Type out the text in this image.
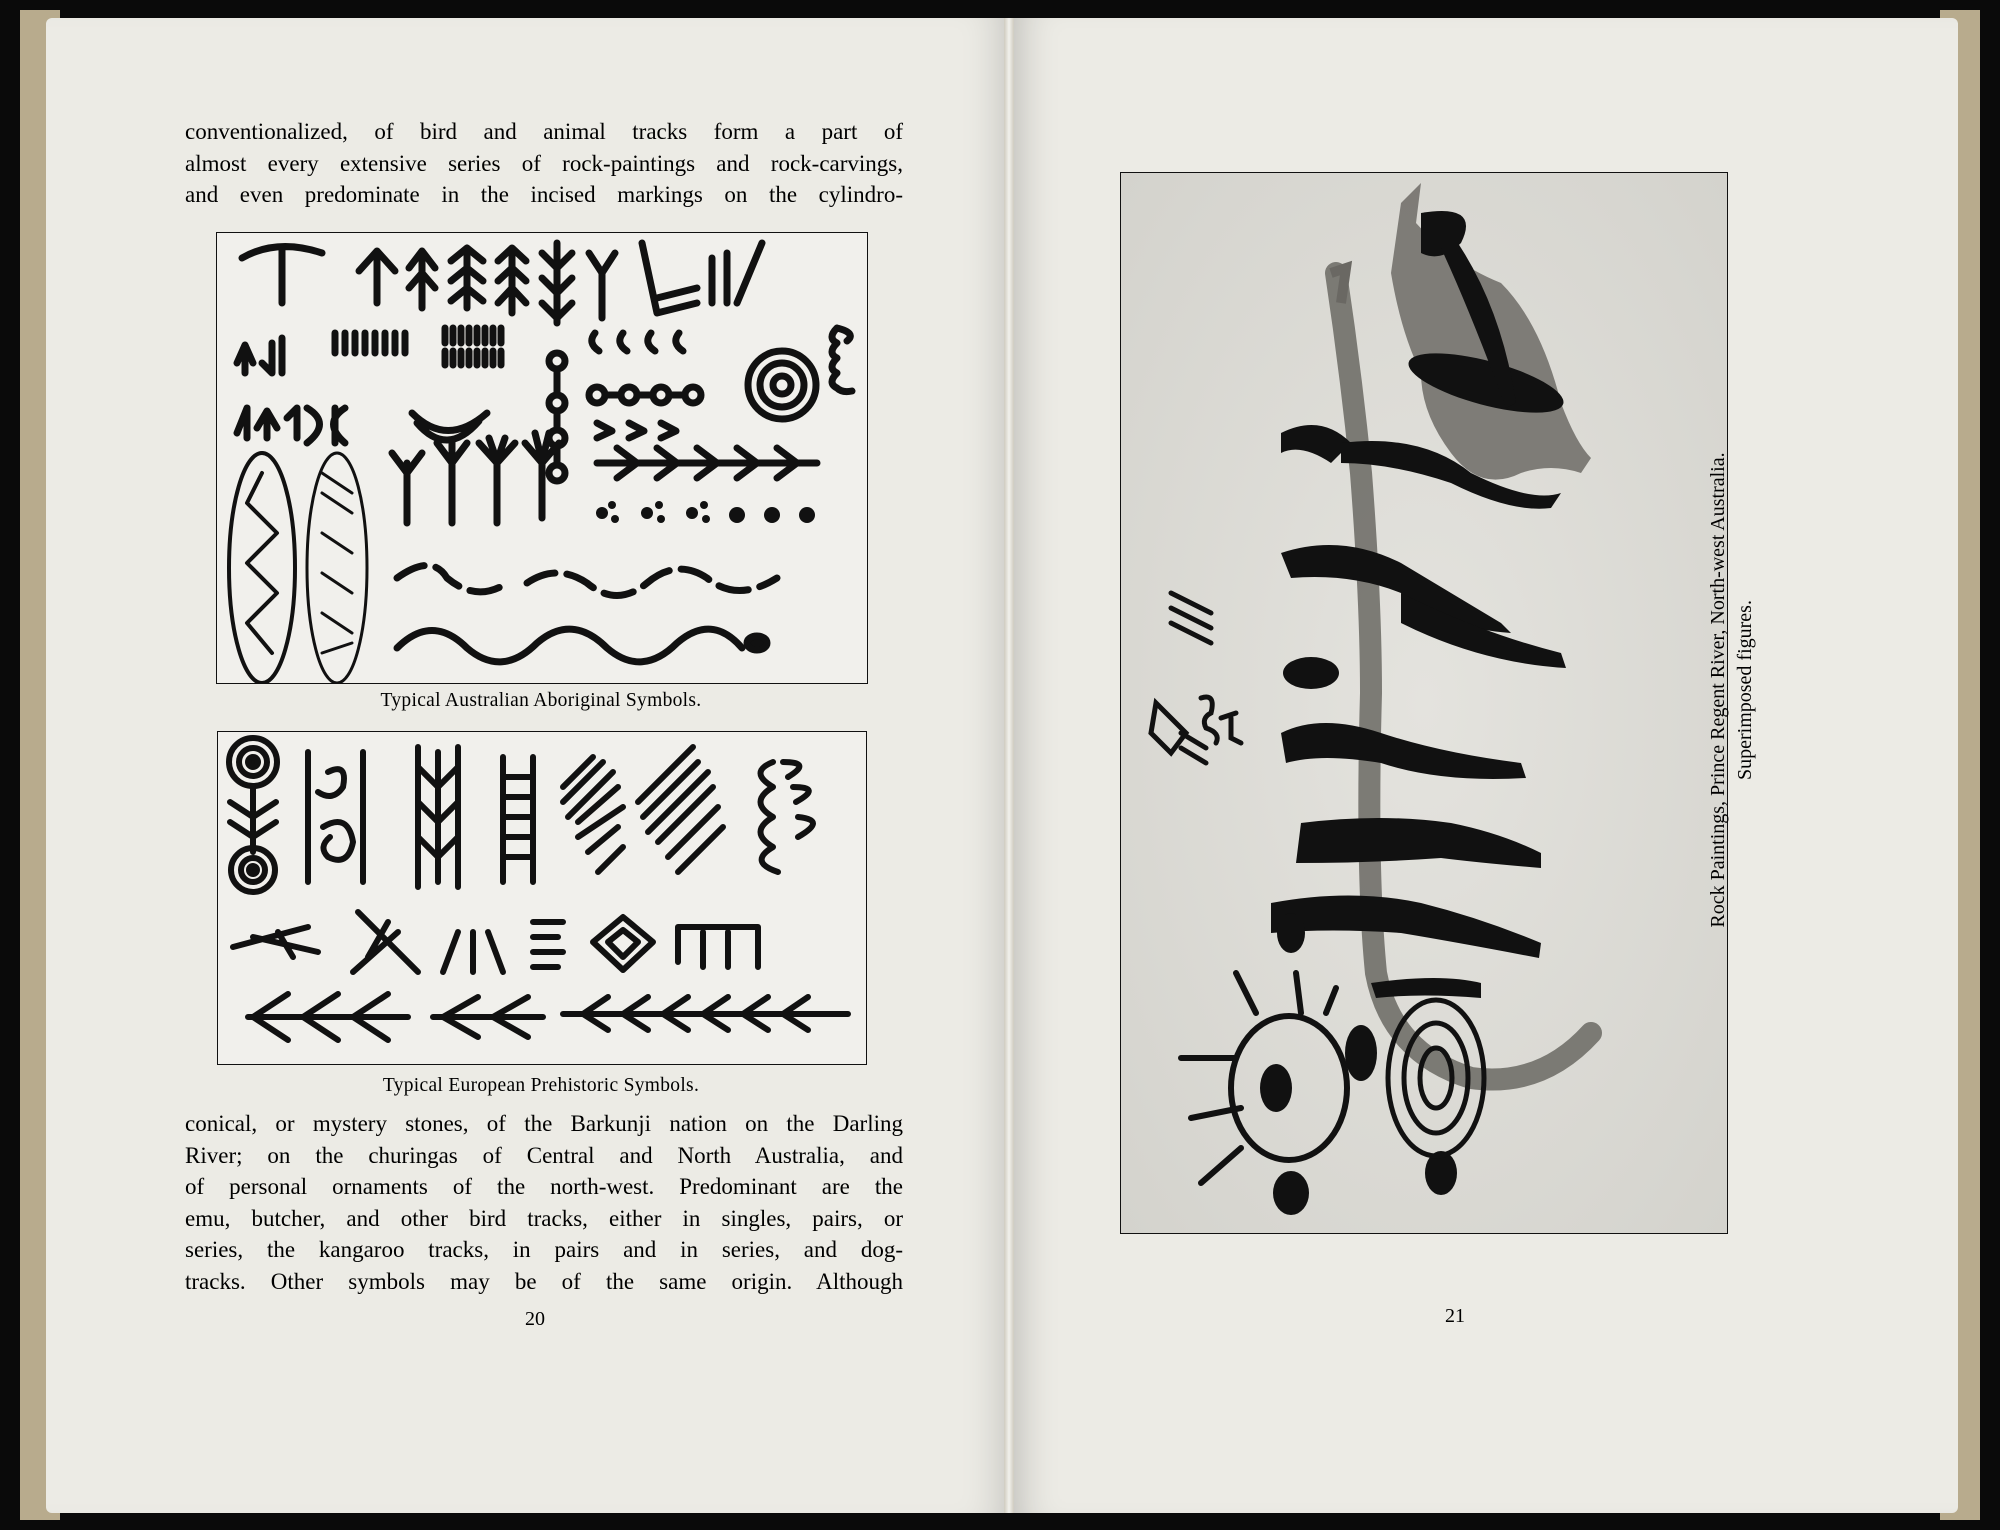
conventionalized, of bird and animal tracks form a part of
almost every extensive series of rock-paintings and rock-carvings,
and even predominate in the incised markings on the cylindro-
Typical Australian Aboriginal Symbols.
Typical European Prehistoric Symbols.
conical, or mystery stones, of the Barkunji nation on the Darling
River; on the churingas of Central and North Australia, and
of personal ornaments of the north-west. Predominant are the
emu, butcher, and other bird tracks, either in singles, pairs, or
series, the kangaroo tracks, in pairs and in series, and dog-
tracks. Other symbols may be of the same origin. Although
20
Rock Paintings, Prince Regent River, North-west Australia. Superimposed figures.
21
